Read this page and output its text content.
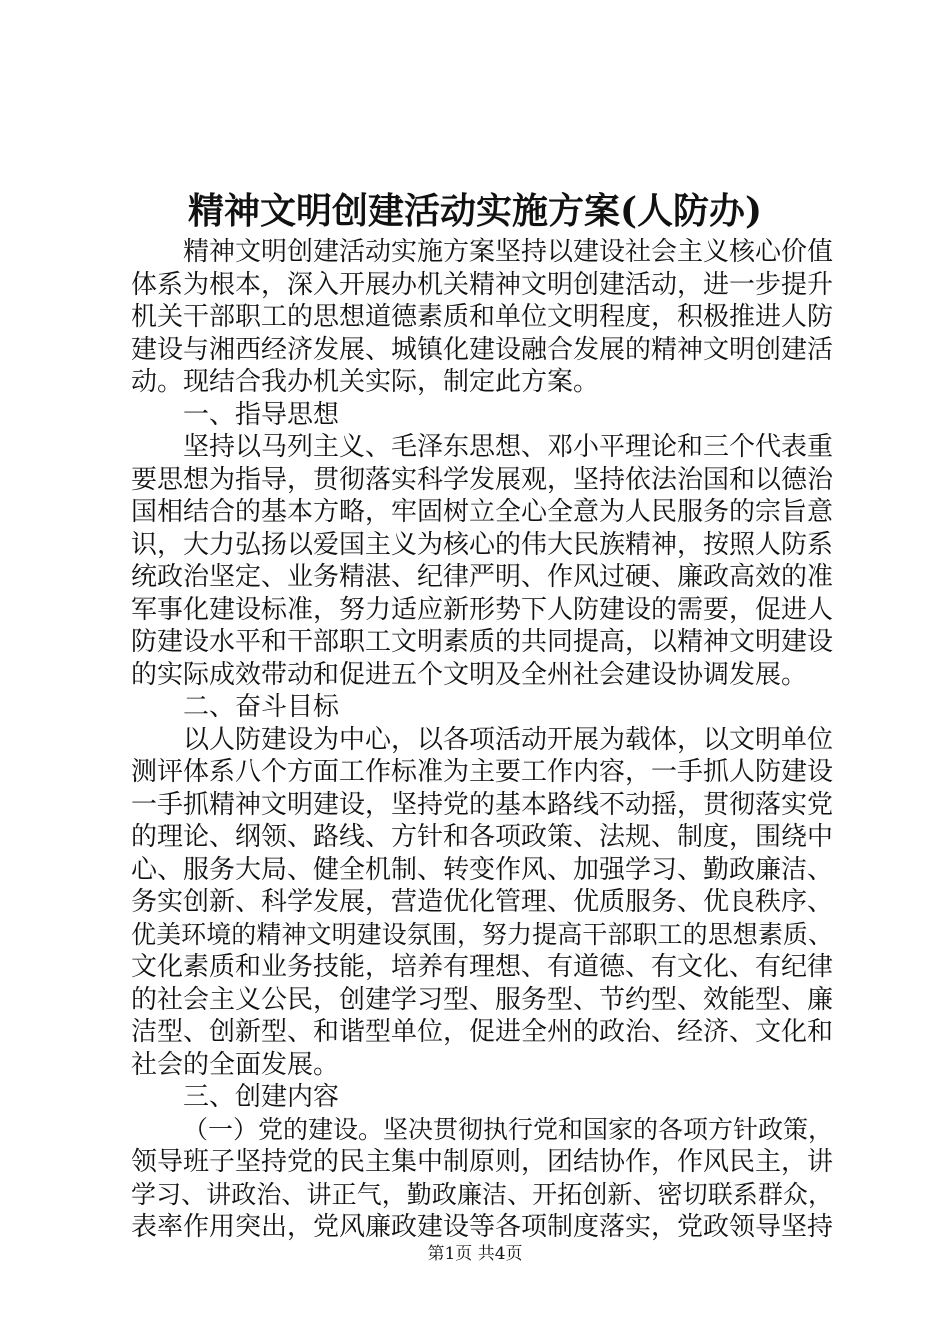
精神文明创建活动实施方案(人防办)
精神文明创建活动实施方案坚持以建设社会主义核心价值
体系为根本，深入开展办机关精神文明创建活动，进一步提升
机关干部职工的思想道德素质和单位文明程度，积极推进人防
建设与湘西经济发展、城镇化建设融合发展的精神文明创建活
动。现结合我办机关实际，制定此方案。
一、指导思想
坚持以马列主义、毛泽东思想、邓小平理论和三个代表重
要思想为指导，贯彻落实科学发展观，坚持依法治国和以德治
国相结合的基本方略，牢固树立全心全意为人民服务的宗旨意
识，大力弘扬以爱国主义为核心的伟大民族精神，按照人防系
统政治坚定、业务精湛、纪律严明、作风过硬、廉政高效的准
军事化建设标准，努力适应新形势下人防建设的需要，促进人
防建设水平和干部职工文明素质的共同提高，以精神文明建设
的实际成效带动和促进五个文明及全州社会建设协调发展。
二、奋斗目标
以人防建设为中心，以各项活动开展为载体，以文明单位
测评体系八个方面工作标准为主要工作内容，一手抓人防建设
一手抓精神文明建设，坚持党的基本路线不动摇，贯彻落实党
的理论、纲领、路线、方针和各项政策、法规、制度，围绕中
心、服务大局、健全机制、转变作风、加强学习、勤政廉洁、
务实创新、科学发展，营造优化管理、优质服务、优良秩序、
优美环境的精神文明建设氛围，努力提高干部职工的思想素质、
文化素质和业务技能，培养有理想、有道德、有文化、有纪律
的社会主义公民，创建学习型、服务型、节约型、效能型、廉
洁型、创新型、和谐型单位，促进全州的政治、经济、文化和
社会的全面发展。
三、创建内容
（一）党的建设。坚决贯彻执行党和国家的各项方针政策，
领导班子坚持党的民主集中制原则，团结协作，作风民主，讲
学习、讲政治、讲正气，勤政廉洁、开拓创新、密切联系群众，
表率作用突出，党风廉政建设等各项制度落实，党政领导坚持
第1页 共4页
